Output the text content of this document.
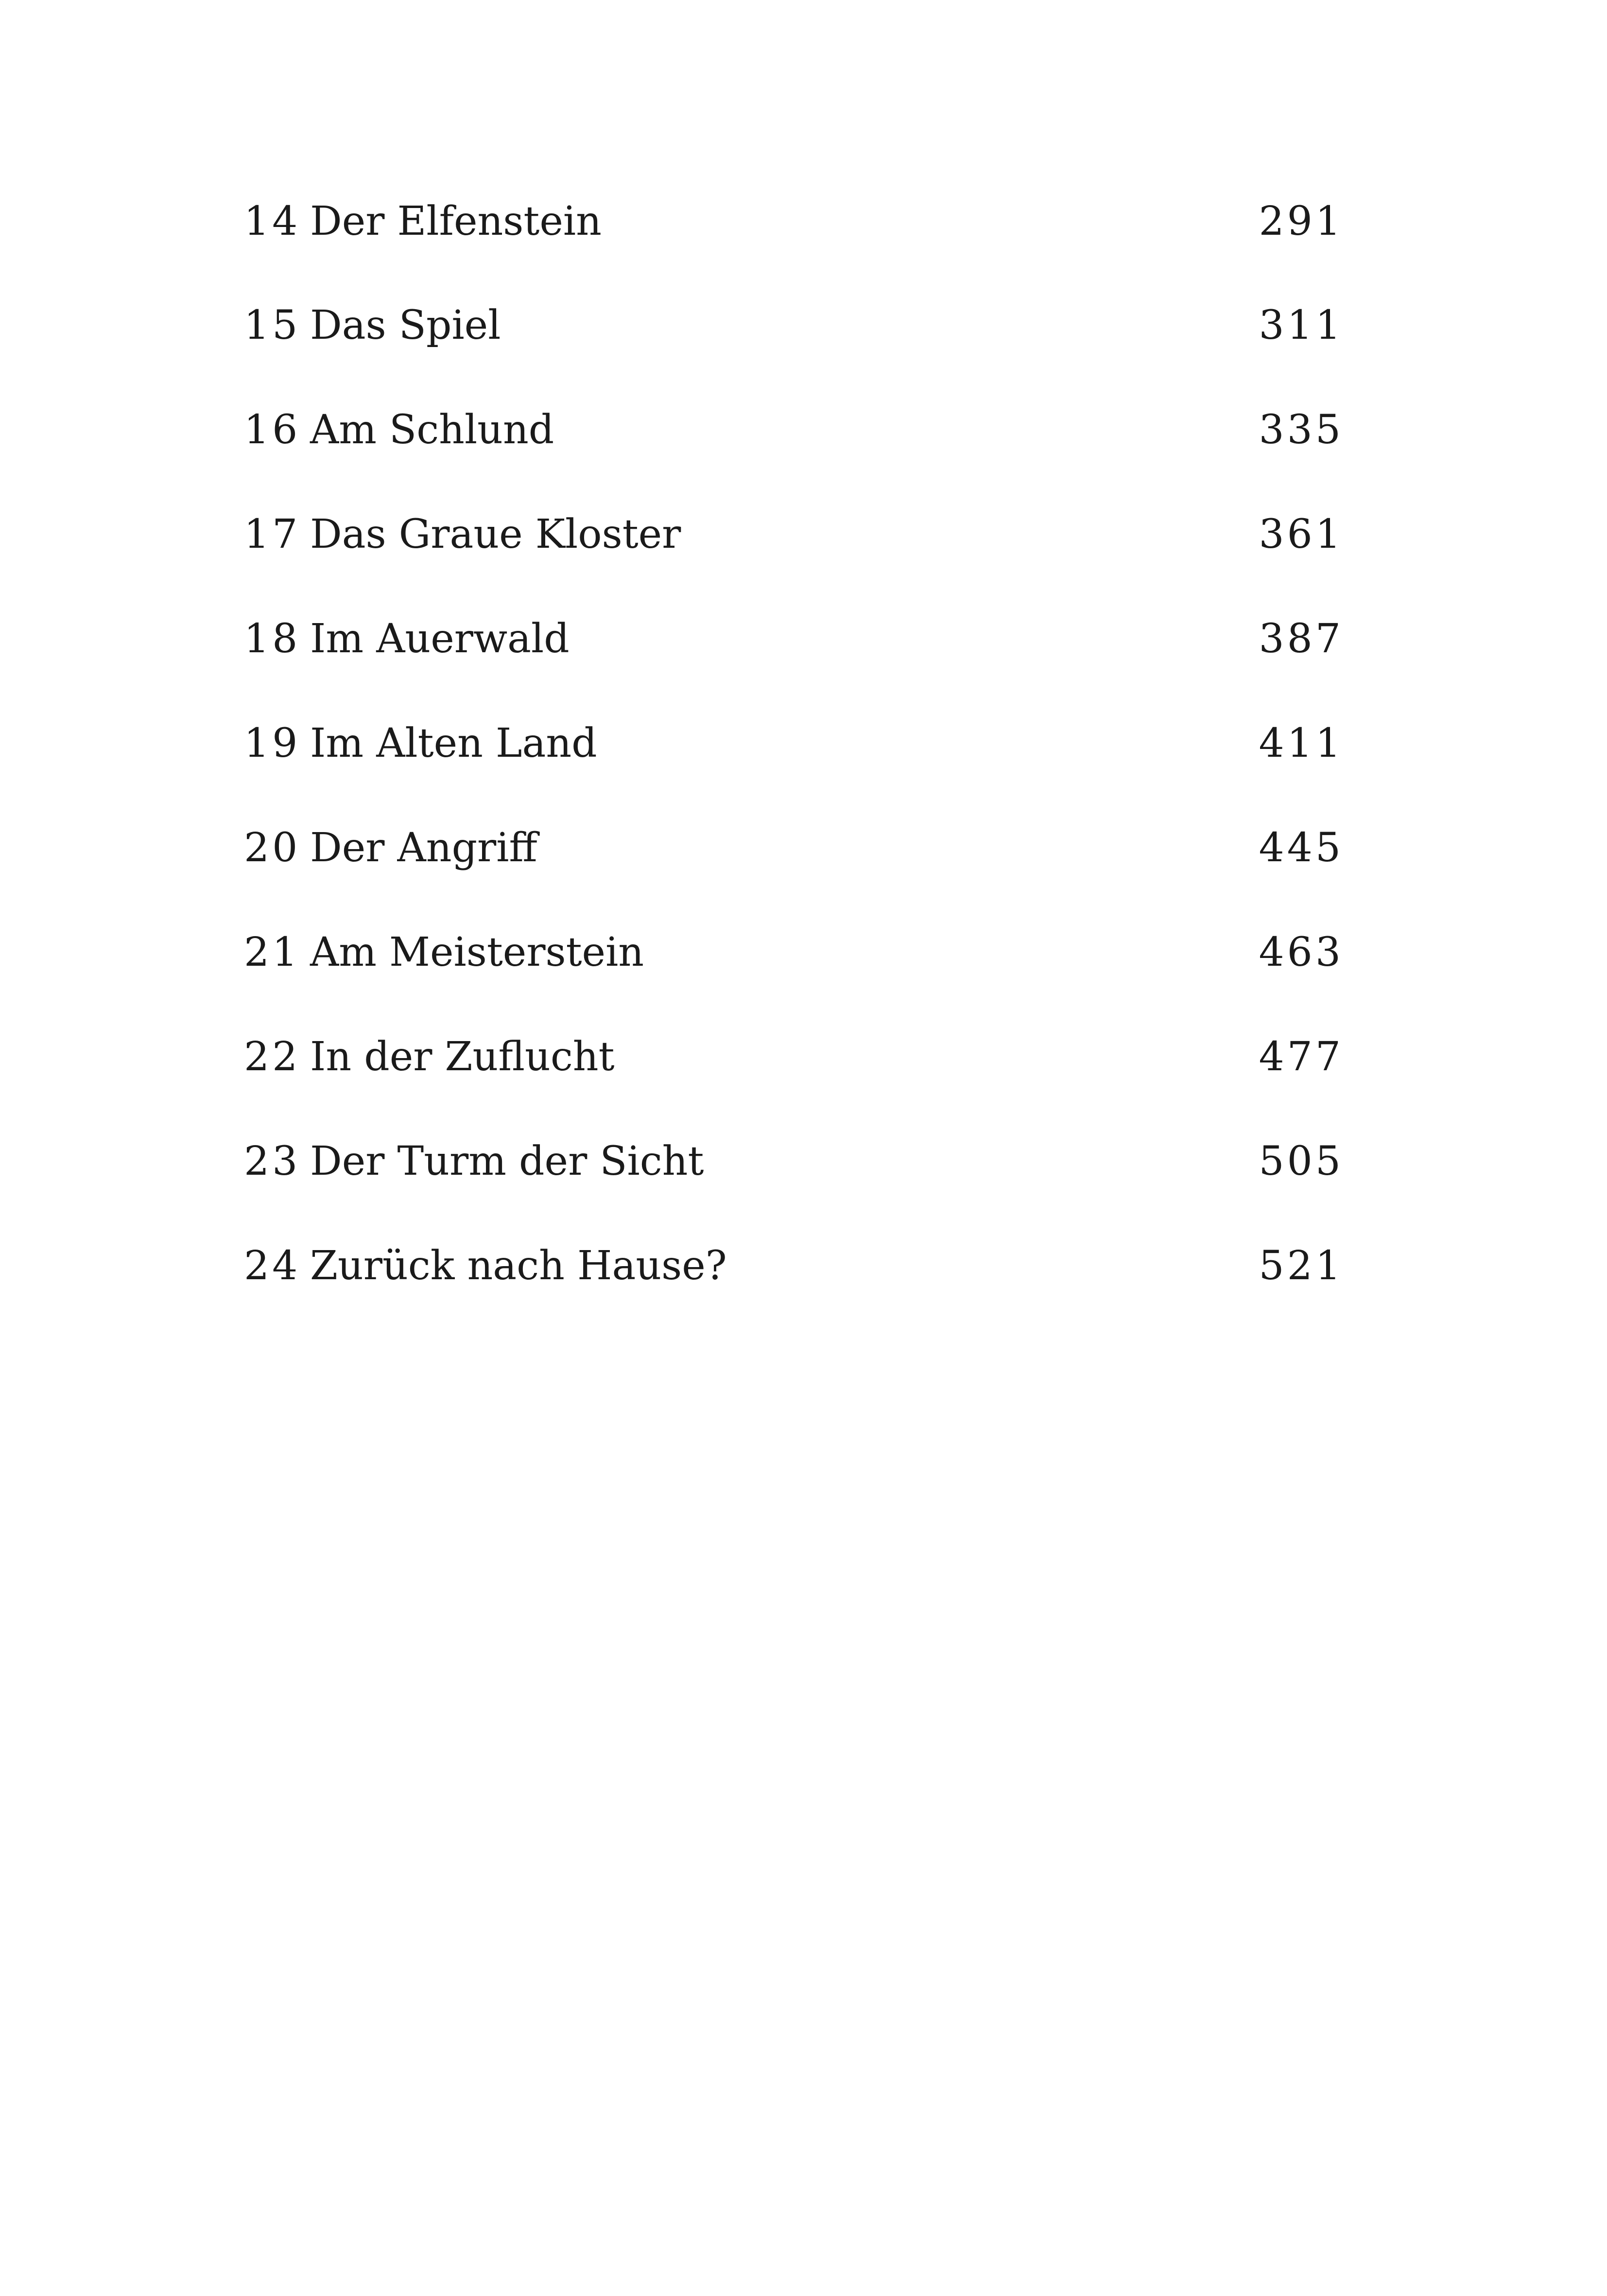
14 Der Elfenstein	291
15 Das Spiel	311
16 Am Schlund	335
17 Das Graue Kloster	361
18 Im Auerwald	387
19 Im Alten Land	411
20 Der Angriff	445
21 Am Meisterstein	463
22 In der Zuflucht	477
23 Der Turm der Sicht	505
24 Zurück nach Hause?	521
